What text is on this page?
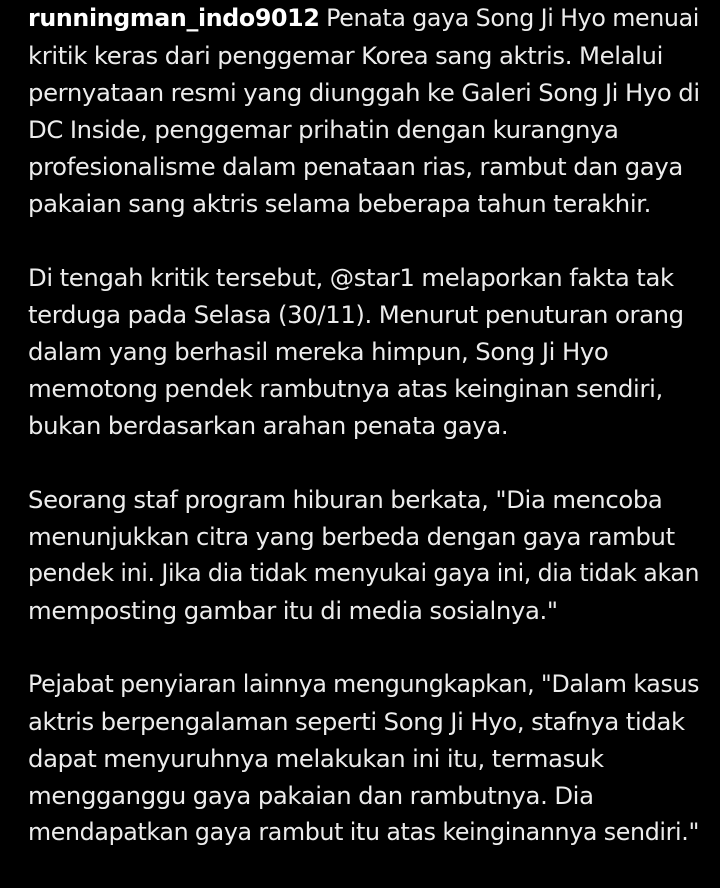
runningman_indo9012 Penata gaya Song Ji Hyo menuai
kritik keras dari penggemar Korea sang aktris. Melalui
pernyataan resmi yang diunggah ke Galeri Song Ji Hyo di
DC Inside, penggemar prihatin dengan kurangnya
profesionalisme dalam penataan rias, rambut dan gaya
pakaian sang aktris selama beberapa tahun terakhir.
Di tengah kritik tersebut, @star1 melaporkan fakta tak
terduga pada Selasa (30/11). Menurut penuturan orang
dalam yang berhasil mereka himpun, Song Ji Hyo
memotong pendek rambutnya atas keinginan sendiri,
bukan berdasarkan arahan penata gaya.
Seorang staf program hiburan berkata, "Dia mencoba
menunjukkan citra yang berbeda dengan gaya rambut
pendek ini. Jika dia tidak menyukai gaya ini, dia tidak akan
memposting gambar itu di media sosialnya."
Pejabat penyiaran lainnya mengungkapkan, "Dalam kasus
aktris berpengalaman seperti Song Ji Hyo, stafnya tidak
dapat menyuruhnya melakukan ini itu, termasuk
mengganggu gaya pakaian dan rambutnya. Dia
mendapatkan gaya rambut itu atas keinginannya sendiri."
